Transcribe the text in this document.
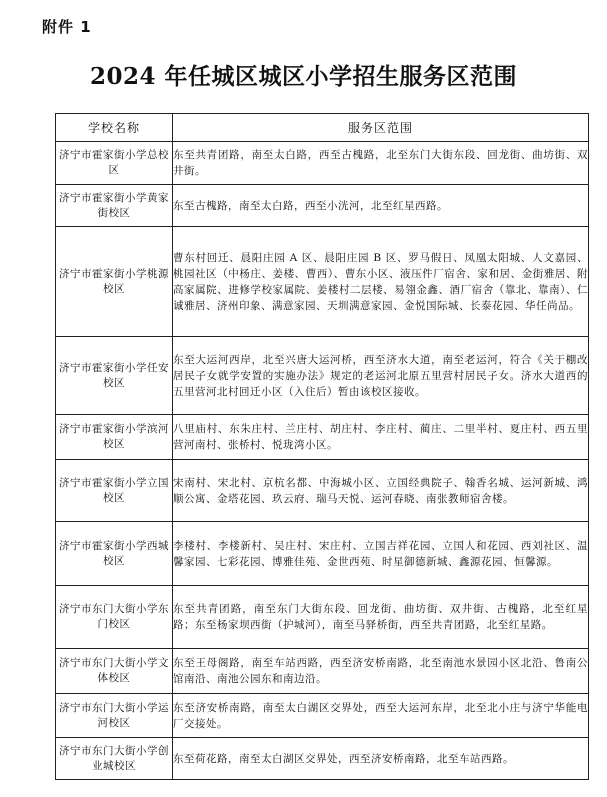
附件 1
2024 年任城区城区小学招生服务区范围
学校名称	服务区范围
济宁市霍家街小学总校区	东至共青团路，南至太白路，西至古槐路，北至东门大街东段、回龙街、曲坊街、双井街。
济宁市霍家街小学黄家街校区	东至古槐路，南至太白路，西至小洸河，北至红星西路。
济宁市霍家街小学桃源校区	曹东村回迁、晨阳庄园 A 区、晨阳庄园 B 区、罗马假日、凤凰太阳城、人文嘉园、桃园社区（中杨庄、姜楼、曹西）、曹东小区、液压件厂宿舍、家和居、金街雅居、附高家属院、进修学校家属院、姜楼村二层楼、易翎金鑫、酒厂宿舍（靠北、靠南）、仁诚雅居、济州印象、满意家园、天圳满意家园、金悦国际城、长泰花园、华任尚品。
济宁市霍家街小学任安校区	东至大运河西岸，北至兴唐大运河桥，西至济水大道，南至老运河，符合《关于棚改居民子女就学安置的实施办法》规定的老运河北原五里营村居民子女。济水大道西的五里营河北村回迁小区（入住后）暂由该校区接收。
济宁市霍家街小学滨河校区	八里庙村、东朱庄村、兰庄村、胡庄村、李庄村、蔺庄、二里半村、夏庄村、西五里营河南村、张桥村、悦珑湾小区。
济宁市霍家街小学立国校区	宋南村、宋北村、京杭名都、中海城小区、立国经典院子、翰香名城、运河新城、鸿顺公寓、金塔花园、玖云府、瑞马天悦、运河春晓、南张教师宿舍楼。
济宁市霍家街小学西城校区	李楼村、李楼新村、吴庄村、宋庄村、立国吉祥花园、立国人和花园、西刘社区、温馨家园、七彩花园、博雅佳苑、金世西苑、时星御德新城、鑫源花园、恒馨源。
济宁市东门大街小学东门校区	东至共青团路，南至东门大街东段、回龙街、曲坊街、双井街、古槐路，北至红星路；东至杨家坝西街（护城河），南至马驿桥街，西至共青团路，北至红星路。
济宁市东门大街小学文体校区	东至王母阁路，南至车站西路，西至济安桥南路，北至南池水景园小区北沿、鲁南公馆南沿、南池公园东和南边沿。
济宁市东门大街小学运河校区	东至济安桥南路，南至太白湖区交界处，西至大运河东岸，北至北小庄与济宁华能电厂交接处。
济宁市东门大街小学创业城校区	东至荷花路，南至太白湖区交界处，西至济安桥南路，北至车站西路。
